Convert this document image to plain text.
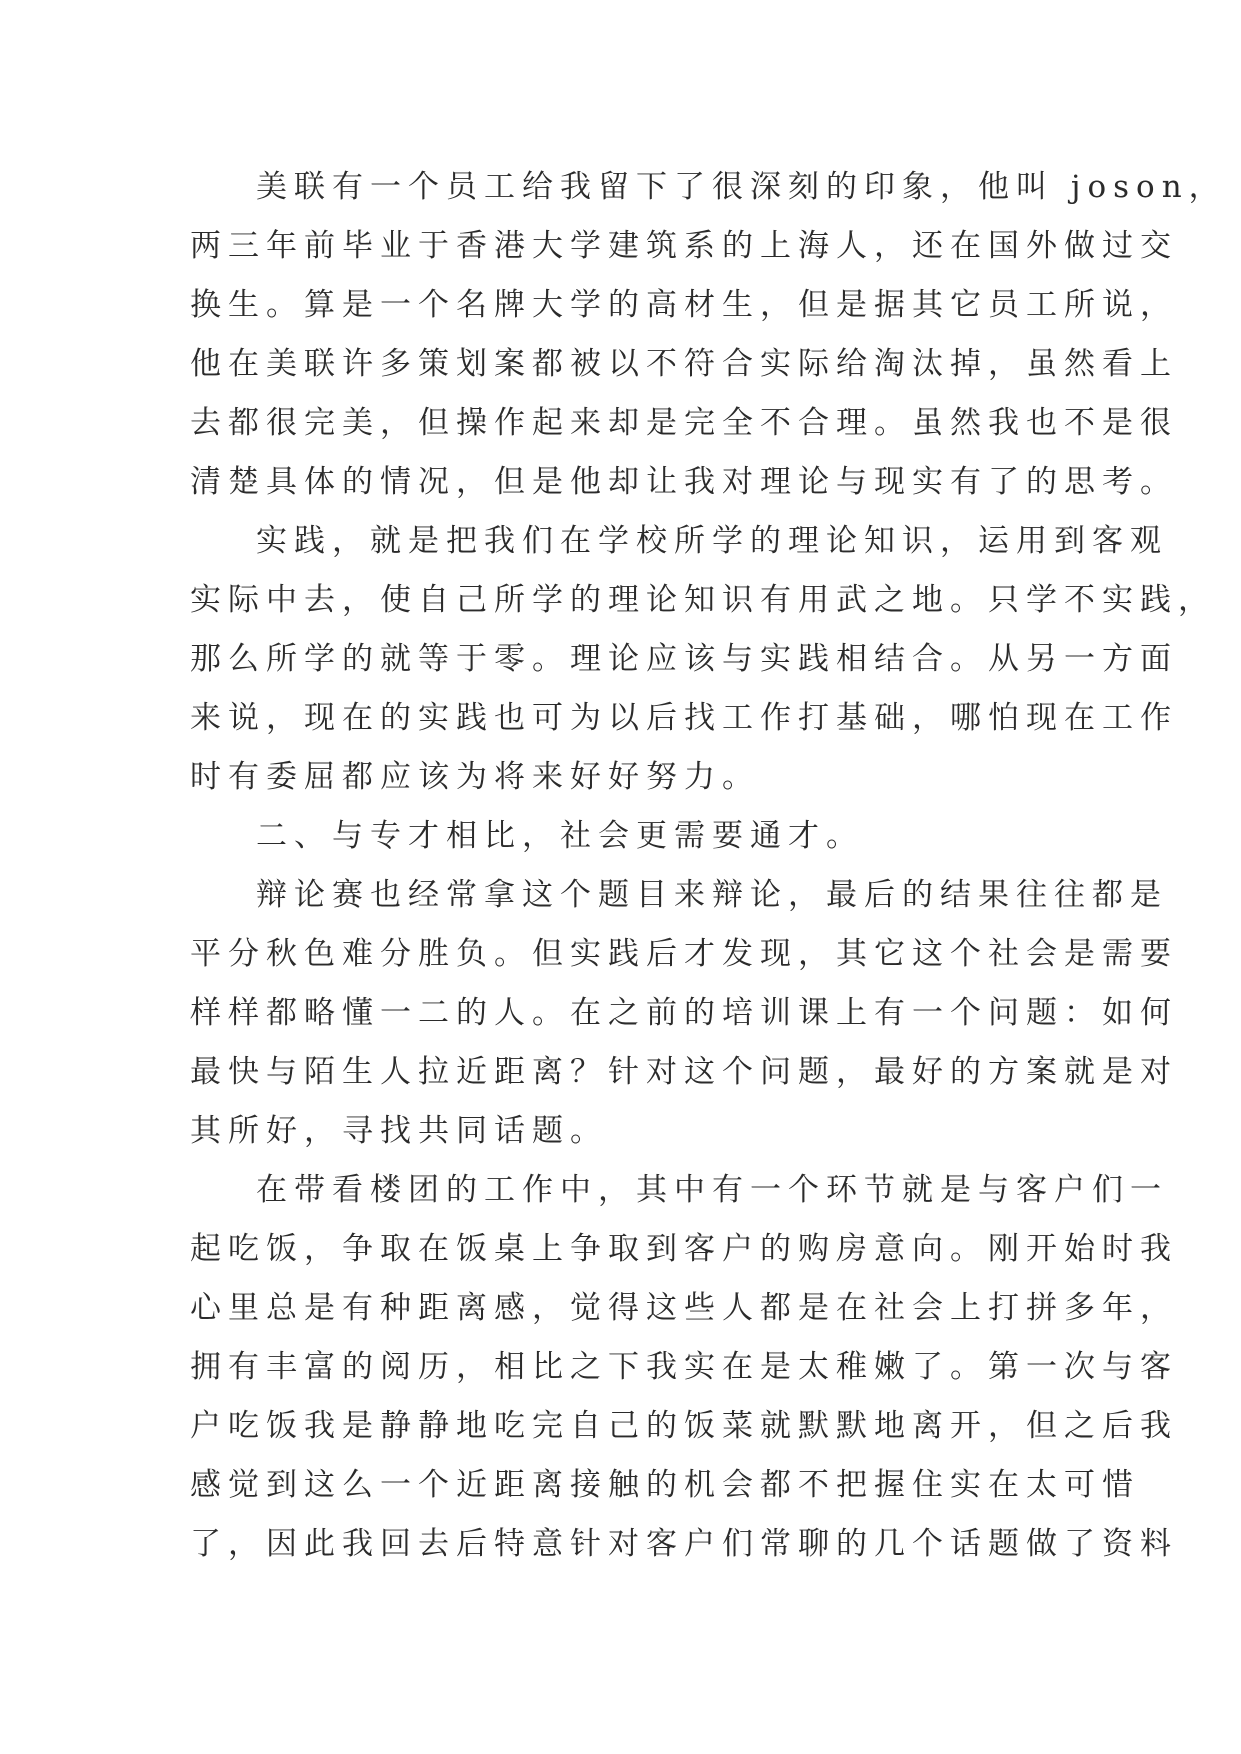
美联有一个员工给我留下了很深刻的印象，他叫 joson，
两三年前毕业于香港大学建筑系的上海人，还在国外做过交
换生。算是一个名牌大学的高材生，但是据其它员工所说，
他在美联许多策划案都被以不符合实际给淘汰掉，虽然看上
去都很完美，但操作起来却是完全不合理。虽然我也不是很
清楚具体的情况，但是他却让我对理论与现实有了的思考。
实践，就是把我们在学校所学的理论知识，运用到客观
实际中去，使自己所学的理论知识有用武之地。只学不实践，
那么所学的就等于零。理论应该与实践相结合。从另一方面
来说，现在的实践也可为以后找工作打基础，哪怕现在工作
时有委屈都应该为将来好好努力。
二、与专才相比，社会更需要通才。
辩论赛也经常拿这个题目来辩论，最后的结果往往都是
平分秋色难分胜负。但实践后才发现，其它这个社会是需要
样样都略懂一二的人。在之前的培训课上有一个问题：如何
最快与陌生人拉近距离？针对这个问题，最好的方案就是对
其所好，寻找共同话题。
在带看楼团的工作中，其中有一个环节就是与客户们一
起吃饭，争取在饭桌上争取到客户的购房意向。刚开始时我
心里总是有种距离感，觉得这些人都是在社会上打拼多年，
拥有丰富的阅历，相比之下我实在是太稚嫩了。第一次与客
户吃饭我是静静地吃完自己的饭菜就默默地离开，但之后我
感觉到这么一个近距离接触的机会都不把握住实在太可惜
了，因此我回去后特意针对客户们常聊的几个话题做了资料
